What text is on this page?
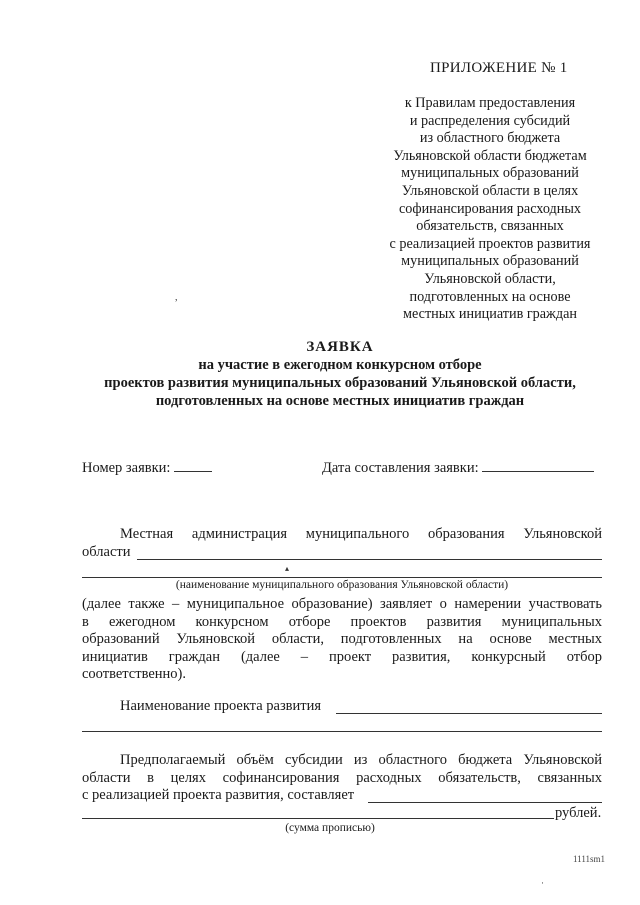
ПРИЛОЖЕНИЕ № 1
к Правилам предоставления
и распределения субсидий
из областного бюджета
Ульяновской области бюджетам
муниципальных образований
Ульяновской области в целях
софинансирования расходных
обязательств, связанных
с реализацией проектов развития
муниципальных образований
Ульяновской области,
подготовленных на основе
местных инициатив граждан
,
ЗАЯВКА
на участие в ежегодном конкурсном отборе
проектов развития муниципальных образований Ульяновской области,
подготовленных на основе местных инициатив граждан
Номер заявки:	Дата составления заявки:
Местная администрация муниципального образования Ульяновской
области
▴
(наименование муниципального образования Ульяновской области)
(далее также – муниципальное образование) заявляет о намерении участвовать
в ежегодном конкурсном отборе проектов развития муниципальных
образований Ульяновской области, подготовленных на основе местных
инициатив граждан (далее – проект развития, конкурсный отбор
соответственно).
Наименование проекта развития
Предполагаемый объём субсидии из областного бюджета Ульяновской
области в целях софинансирования расходных обязательств, связанных
с реализацией проекта развития, составляет
рублей.
(сумма прописью)
1111sm1
·
